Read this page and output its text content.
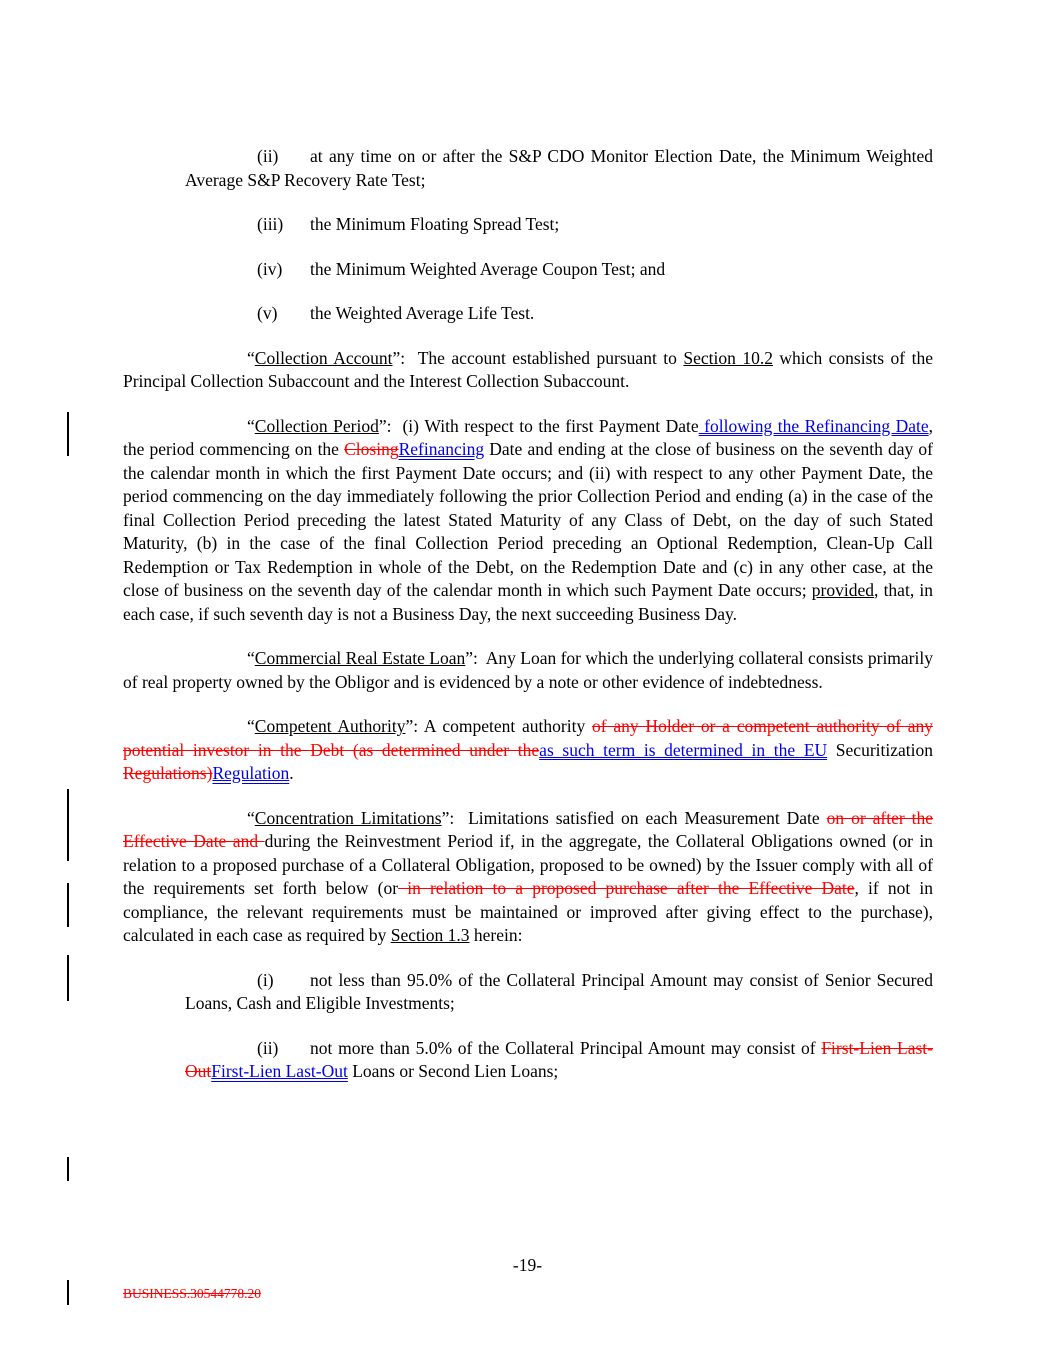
(ii) at any time on or after the S&P CDO Monitor Election Date, the Minimum Weighted Average S&P Recovery Rate Test;

(iii) the Minimum Floating Spread Test;

(iv) the Minimum Weighted Average Coupon Test; and

(v) the Weighted Average Life Test.

“Collection Account”:  The account established pursuant to Section 10.2 which consists of the Principal Collection Subaccount and the Interest Collection Subaccount.

“Collection Period”:  (i) With respect to the first Payment Date following the Refinancing Date, the period commencing on the ClosingRefinancing Date and ending at the close of business on the seventh day of the calendar month in which the first Payment Date occurs; and (ii) with respect to any other Payment Date, the period commencing on the day immediately following the prior Collection Period and ending (a) in the case of the final Collection Period preceding the latest Stated Maturity of any Class of Debt, on the day of such Stated Maturity, (b) in the case of the final Collection Period preceding an Optional Redemption, Clean-Up Call Redemption or Tax Redemption in whole of the Debt, on the Redemption Date and (c) in any other case, at the close of business on the seventh day of the calendar month in which such Payment Date occurs; provided, that, in each case, if such seventh day is not a Business Day, the next succeeding Business Day.

“Commercial Real Estate Loan”:  Any Loan for which the underlying collateral consists primarily of real property owned by the Obligor and is evidenced by a note or other evidence of indebtedness.

“Competent Authority”: A competent authority of any Holder or a competent authority of any potential investor in the Debt (as determined under theas such term is determined in the EU Securitization Regulations)Regulation.

“Concentration Limitations”:  Limitations satisfied on each Measurement Date on or after the Effective Date and during the Reinvestment Period if, in the aggregate, the Collateral Obligations owned (or in relation to a proposed purchase of a Collateral Obligation, proposed to be owned) by the Issuer comply with all of the requirements set forth below (or in relation to a proposed purchase after the Effective Date, if not in compliance, the relevant requirements must be maintained or improved after giving effect to the purchase), calculated in each case as required by Section 1.3 herein:

(i) not less than 95.0% of the Collateral Principal Amount may consist of Senior Secured Loans, Cash and Eligible Investments;

(ii) not more than 5.0% of the Collateral Principal Amount may consist of First-Lien Last-OutFirst-Lien Last-Out Loans or Second Lien Loans;

-19-
BUSINESS.30544778.20
